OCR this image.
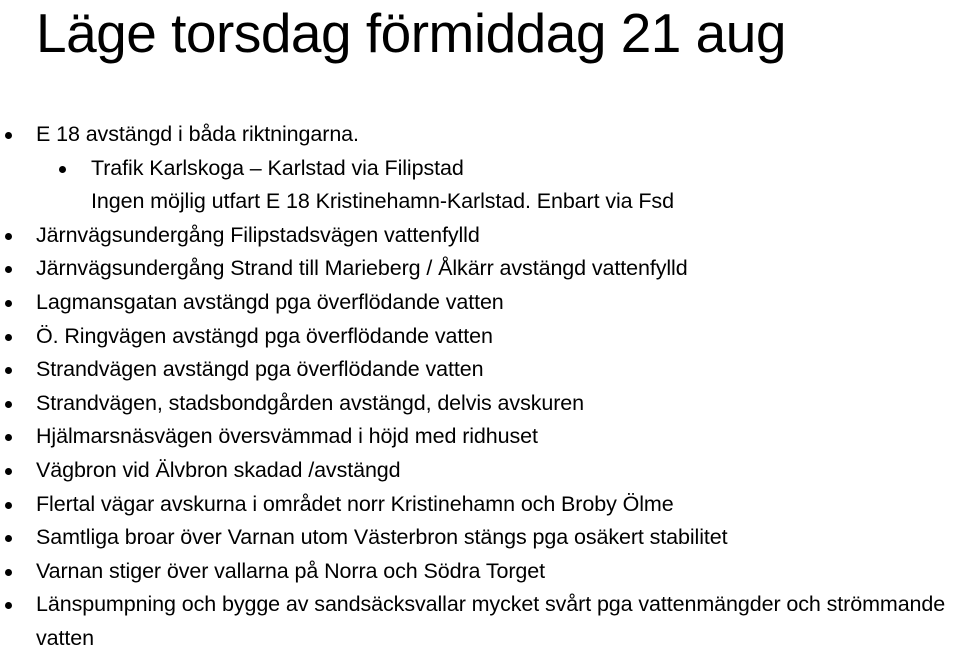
Läge torsdag förmiddag 21 aug
E 18 avstängd i båda riktningarna.
Trafik Karlskoga – Karlstad via Filipstad
Ingen möjlig utfart E 18 Kristinehamn-Karlstad. Enbart via Fsd
Järnvägsundergång Filipstadsvägen vattenfylld
Järnvägsundergång Strand till Marieberg / Ålkärr avstängd vattenfylld
Lagmansgatan avstängd pga överflödande vatten
Ö. Ringvägen avstängd pga överflödande vatten
Strandvägen avstängd pga överflödande vatten
Strandvägen, stadsbondgården avstängd, delvis avskuren
Hjälmarsnäsvägen översvämmad i höjd med ridhuset
Vägbron vid Älvbron skadad /avstängd
Flertal vägar avskurna i området norr Kristinehamn och Broby Ölme
Samtliga broar över Varnan utom Västerbron stängs pga osäkert stabilitet
Varnan stiger över vallarna på Norra och Södra Torget
Länspumpning och bygge av sandsäcksvallar mycket svårt pga vattenmängder och strömmande vatten
